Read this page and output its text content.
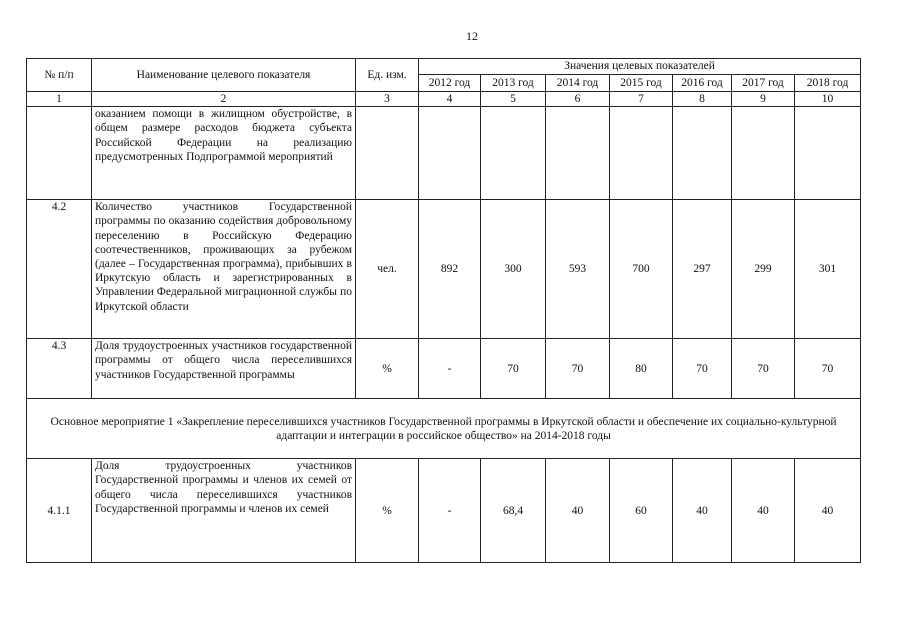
12
№ п/п	Наименование целевого показателя	Ед. изм.	Значения целевых показателей						
			2012 год	2013 год	2014 год	2015 год	2016 год	2017 год	2018 год
1	2	3	4	5	6	7	8	9	10
	оказанием помощи в жилищном обустройстве, в общем размере расходов бюджета субъекта Российской Федерации на реализацию предусмотренных Подпрограммой мероприятий								
4.2	Количество участников Государственной программы по оказанию содействия добровольному переселению в Российскую Федерацию соотечественников, проживающих за рубежом (далее – Государственная программа), прибывших в Иркутскую область и зарегистрированных в Управлении Федеральной миграционной службы по Иркутской области	чел.	892	300	593	700	297	299	301
4.3	Доля трудоустроенных участников государственной программы от общего числа переселившихся участников Государственной программы	%	-	70	70	80	70	70	70
Основное мероприятие 1 «Закрепление переселившихся участников Государственной программы в Иркутской области и обеспечение их социально-культурной адаптации и интеграции в российское общество» на 2014-2018 годы									
4.1.1	Доля трудоустроенных участников Государственной программы и членов их семей от общего числа переселившихся участников Государственной программы и членов их семей	%	-	68,4	40	60	40	40	40
